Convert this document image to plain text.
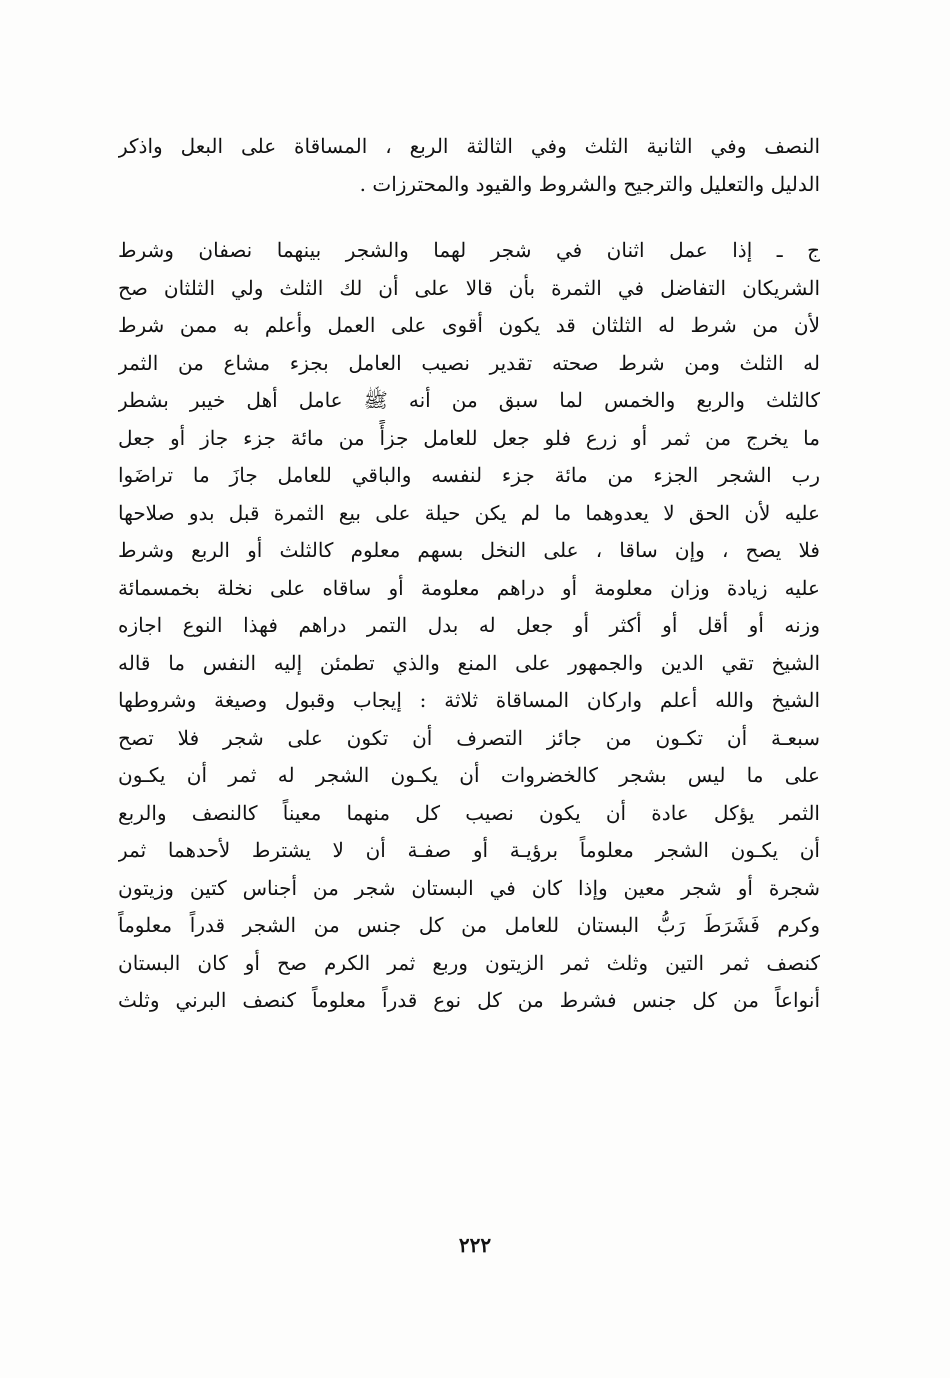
النصف وفي الثانية الثلث وفي الثالثة الربع ، المساقاة على البعل واذكر
الدليل والتعليل والترجيح والشروط والقيود والمحترزات .
ج ـ إذا عمل اثنان في شجر لهما والشجر بينهما نصفان وشرط
الشريكان التفاضل في الثمرة بأن قالا على أن لك الثلث ولي الثلثان صح
لأن من شرط له الثلثان قد يكون أقوى على العمل وأعلم به ممن شرط
له الثلث ومن شرط صحته تقدير نصيب العامل بجزء مشاع من الثمر
كالثلث والربع والخمس لما سبق من أنه ﷺ عامل أهل خيبر بشطر
ما يخرج من ثمر أو زرع فلو جعل للعامل جزأً من مائة جزء جاز أو جعل
رب الشجر الجزء من مائة جزء لنفسه والباقي للعامل جازَ ما تراضَوا
عليه لأن الحق لا يعدوهما ما لم يكن حيلة على بيع الثمرة قبل بدو صلاحها
فلا يصح ، وإن ساقا ، على النخل بسهم معلوم كالثلث أو الربع وشرط
عليه زيادة وزان معلومة أو دراهم معلومة أو ساقاه على نخلة بخمسمائة
وزنه أو أقل أو أكثر أو جعل له بدل التمر دراهم فهذا النوع اجازه
الشيخ تقي الدين والجمهور على المنع والذي تطمئن إليه النفس ما قاله
الشيخ والله أعلم واركان المساقاة ثلاثة : إيجاب وقبول وصيغة وشروطها
سبعـة أن تكـون من جائز التصرف أن تكون على شجر فلا تصح
على ما ليس بشجر كالخضروات أن يكـون الشجر له ثمر أن يكـون
الثمر يؤكل عادة أن يكون نصيب كل منهما معيناً كالنصف والربع
أن يكـون الشجر معلوماً برؤيـة أو صفـة أن لا يشترط لأحدهما ثمر
شجرة أو شجر معين وإذا كان في البستان شجر من أجناس كتين وزيتون
وكرم فَشَرَطَ رَبُّ البستان للعامل من كل جنس من الشجر قدراً معلوماً
كنصف ثمر التين وثلث ثمر الزيتون وربع ثمر الكرم صح أو كان البستان
أنواعاً من كل جنس فشرط من كل نوع قدراً معلوماً كنصف البرني وثلث
٢٢٢
